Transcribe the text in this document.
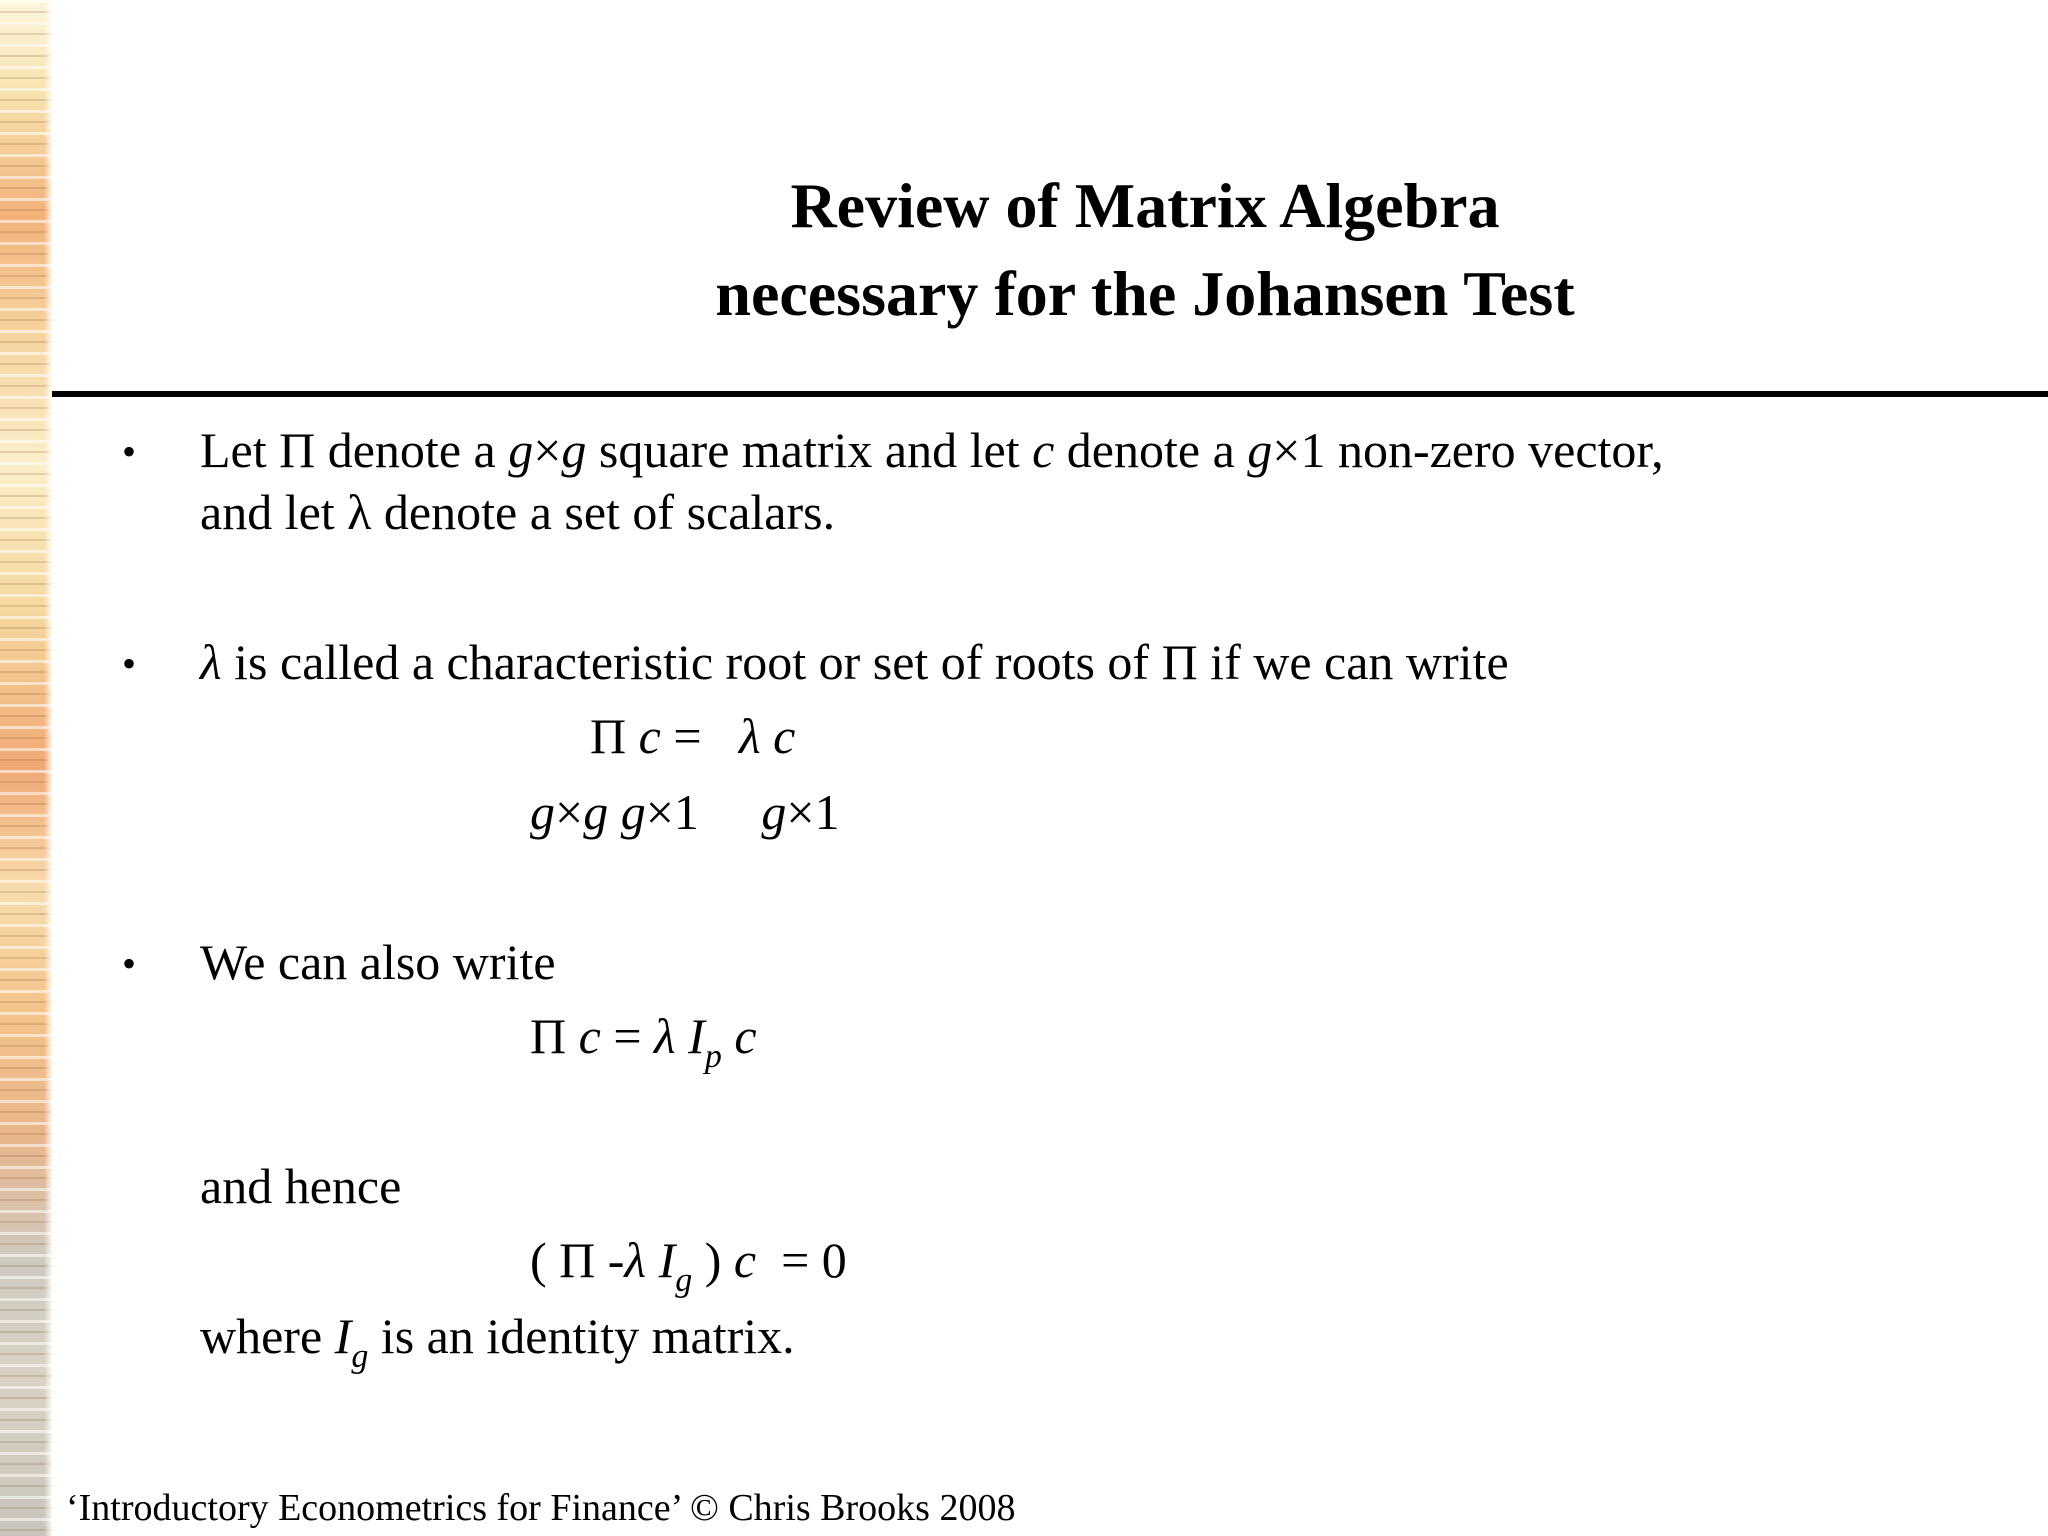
Review of Matrix Algebra
necessary for the Johansen Test
• Let Π denote a g×g square matrix and let c denote a g×1 non-zero vector,
and let λ denote a set of scalars.
• λ is called a characteristic root or set of roots of Π if we can write
Π c = λ c
g×g g×1 g×1
• We can also write
Π c = λ $I_p$ c
and hence
( Π -λ $I_g$ ) c = 0
where $I_g$ is an identity matrix.
‘Introductory Econometrics for Finance’ © Chris Brooks 2008
